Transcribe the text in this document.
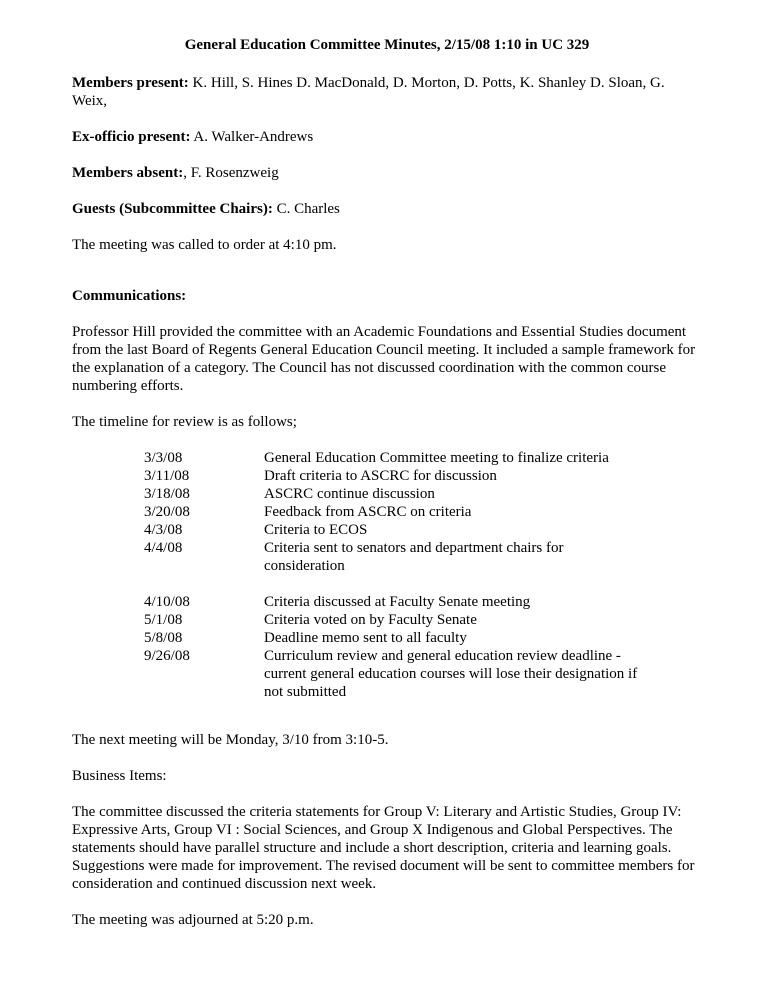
General Education Committee Minutes, 2/15/08 1:10 in UC 329

Members present: K. Hill, S. Hines D. MacDonald, D. Morton, D. Potts, K. Shanley D. Sloan, G. Weix,

Ex-officio present: A. Walker-Andrews

Members absent:, F. Rosenzweig

Guests (Subcommittee Chairs): C. Charles

The meeting was called to order at 4:10 pm.

Communications:

Professor Hill provided the committee with an Academic Foundations and Essential Studies document from the last Board of Regents General Education Council meeting. It included a sample framework for the explanation of a category. The Council has not discussed coordination with the common course numbering efforts.

The timeline for review is as follows;

3/3/08	General Education Committee meeting to finalize criteria
3/11/08	Draft criteria to ASCRC for discussion
3/18/08	ASCRC continue discussion
3/20/08	Feedback from ASCRC on criteria
4/3/08	Criteria to ECOS
4/4/08	Criteria sent to senators and department chairs for consideration
4/10/08	Criteria discussed at Faculty Senate meeting
5/1/08	Criteria voted on by Faculty Senate
5/8/08	Deadline memo sent to all faculty
9/26/08	Curriculum review and general education review deadline - current general education courses will lose their designation if not submitted

The next meeting will be Monday, 3/10 from 3:10-5.

Business Items:

The committee discussed the criteria statements for Group V: Literary and Artistic Studies, Group IV: Expressive Arts, Group VI : Social Sciences, and Group X Indigenous and Global Perspectives. The statements should have parallel structure and include a short description, criteria and learning goals. Suggestions were made for improvement. The revised document will be sent to committee members for consideration and continued discussion next week.

The meeting was adjourned at 5:20 p.m.
